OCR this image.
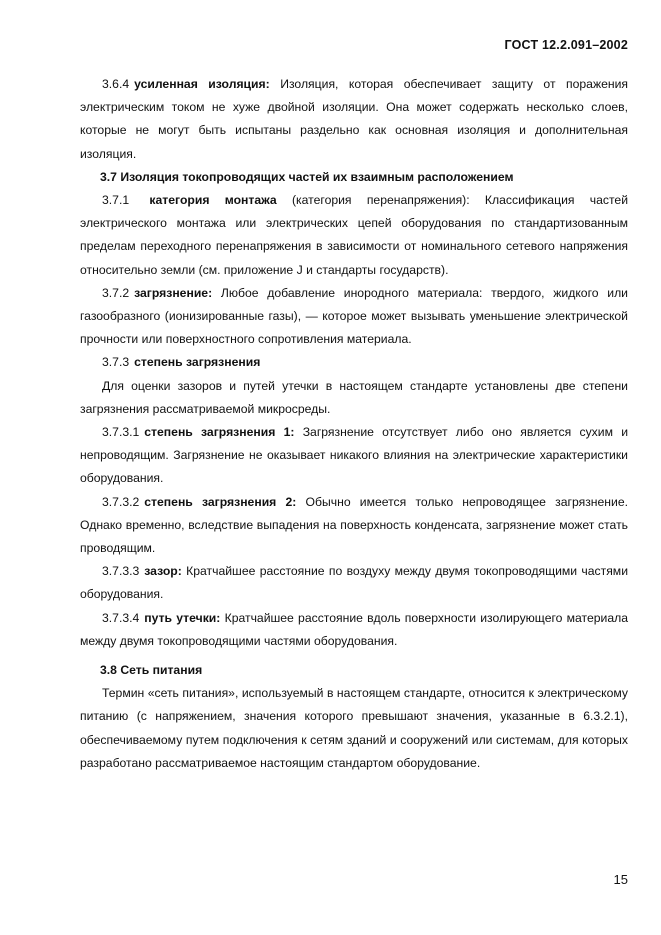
ГОСТ 12.2.091–2002

3.6.4 усиленная изоляция: Изоляция, которая обеспечивает защиту от поражения электрическим током не хуже двойной изоляции. Она может содержать несколько слоев, которые не могут быть испытаны раздельно как основная изоляция и дополнительная изоляция.

3.7 Изоляция токопроводящих частей их взаимным расположением

3.7.1 категория монтажа (категория перенапряжения): Классификация частей электрического монтажа или электрических цепей оборудования по стандартизованным пределам переходного перенапряжения в зависимости от номинального сетевого напряжения относительно земли (см. приложение J и стандарты государств).

3.7.2 загрязнение: Любое добавление инородного материала: твердого, жидкого или газообразного (ионизированные газы), — которое может вызывать уменьшение электрической прочности или поверхностного сопротивления материала.

3.7.3 степень загрязнения

Для оценки зазоров и путей утечки в настоящем стандарте установлены две степени загрязнения рассматриваемой микросреды.

3.7.3.1 степень загрязнения 1: Загрязнение отсутствует либо оно является сухим и непроводящим. Загрязнение не оказывает никакого влияния на электрические характеристики оборудования.

3.7.3.2 степень загрязнения 2: Обычно имеется только непроводящее загрязнение. Однако временно, вследствие выпадения на поверхность конденсата, загрязнение может стать проводящим.

3.7.3.3 зазор: Кратчайшее расстояние по воздуху между двумя токопроводящими частями оборудования.

3.7.3.4 путь утечки: Кратчайшее расстояние вдоль поверхности изолирующего материала между двумя токопроводящими частями оборудования.

3.8 Сеть питания

Термин «сеть питания», используемый в настоящем стандарте, относится к электрическому питанию (с напряжением, значения которого превышают значения, указанные в 6.3.2.1), обеспечиваемому путем подключения к сетям зданий и сооружений или системам, для которых разработано рассматриваемое настоящим стандартом оборудование.

15
